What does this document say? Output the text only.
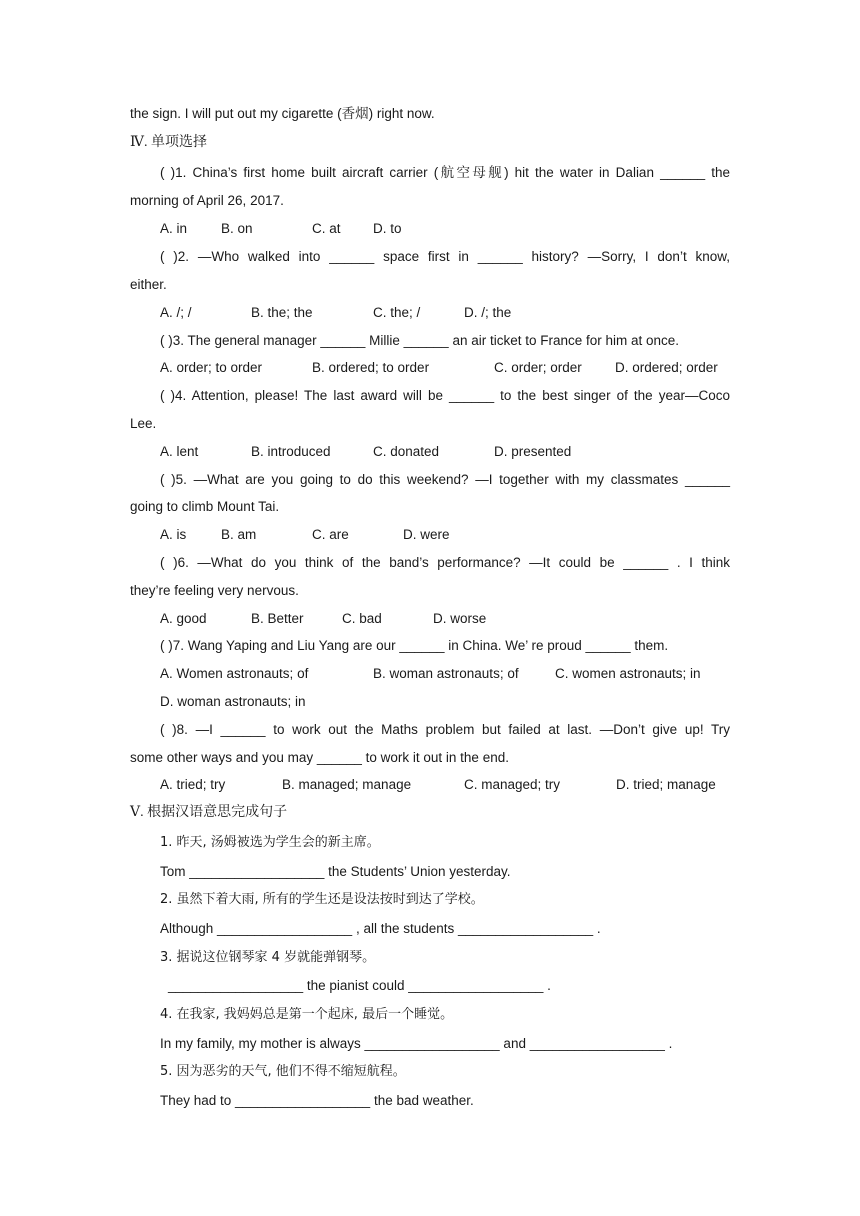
the sign. I will put out my cigarette (香烟) right now.
Ⅳ. 单项选择
( )1. China’s first home built aircraft carrier (航空母舰) hit the water in Dalian ______ the
morning of April 26, 2017.
A. in	B. on	C. at D. to
( )2. —Who walked into ______ space first in ______ history? —Sorry, I don’t know,
either.
A. /; /	B. the; the	C. the; /	D. /; the
( )3. The general manager ______ Millie ______ an air ticket to France for him at once.
A. order; to order	B. ordered; to order	C. order; order D. ordered; order
( )4. Attention, please! The last award will be ______ to the best singer of the year—Coco
Lee.
A. lent	B. introduced	C. donated	D. presented
( )5. —What are you going to do this weekend? —I together with my classmates ______
going to climb Mount Tai.
A. is	B. am	C. are	D. were
( )6. —What do you think of the band’s performance? —It could be ______ . I think
they’re feeling very nervous.
A. good	B. Better	C. bad	D. worse
( )7. Wang Yaping and Liu Yang are our ______ in China. We’ re proud ______ them.
A. Women astronauts; of	B. woman astronauts; of	C. women astronauts; in
D. woman astronauts; in
( )8. —I ______ to work out the Maths problem but failed at last. —Don’t give up! Try
some other ways and you may ______ to work it out in the end.
A. tried; try	B. managed; manage	C. managed; try	D. tried; manage
Ⅴ. 根据汉语意思完成句子
1. 昨天, 汤姆被选为学生会的新主席。
Tom __________________ the Students’ Union yesterday.
2. 虽然下着大雨, 所有的学生还是设法按时到达了学校。
Although __________________ , all the students __________________ .
3. 据说这位钢琴家 4 岁就能弹钢琴。
__________________ the pianist could __________________ .
4. 在我家, 我妈妈总是第一个起床, 最后一个睡觉。
In my family, my mother is always __________________ and __________________ .
5. 因为恶劣的天气, 他们不得不缩短航程。
They had to __________________ the bad weather.
